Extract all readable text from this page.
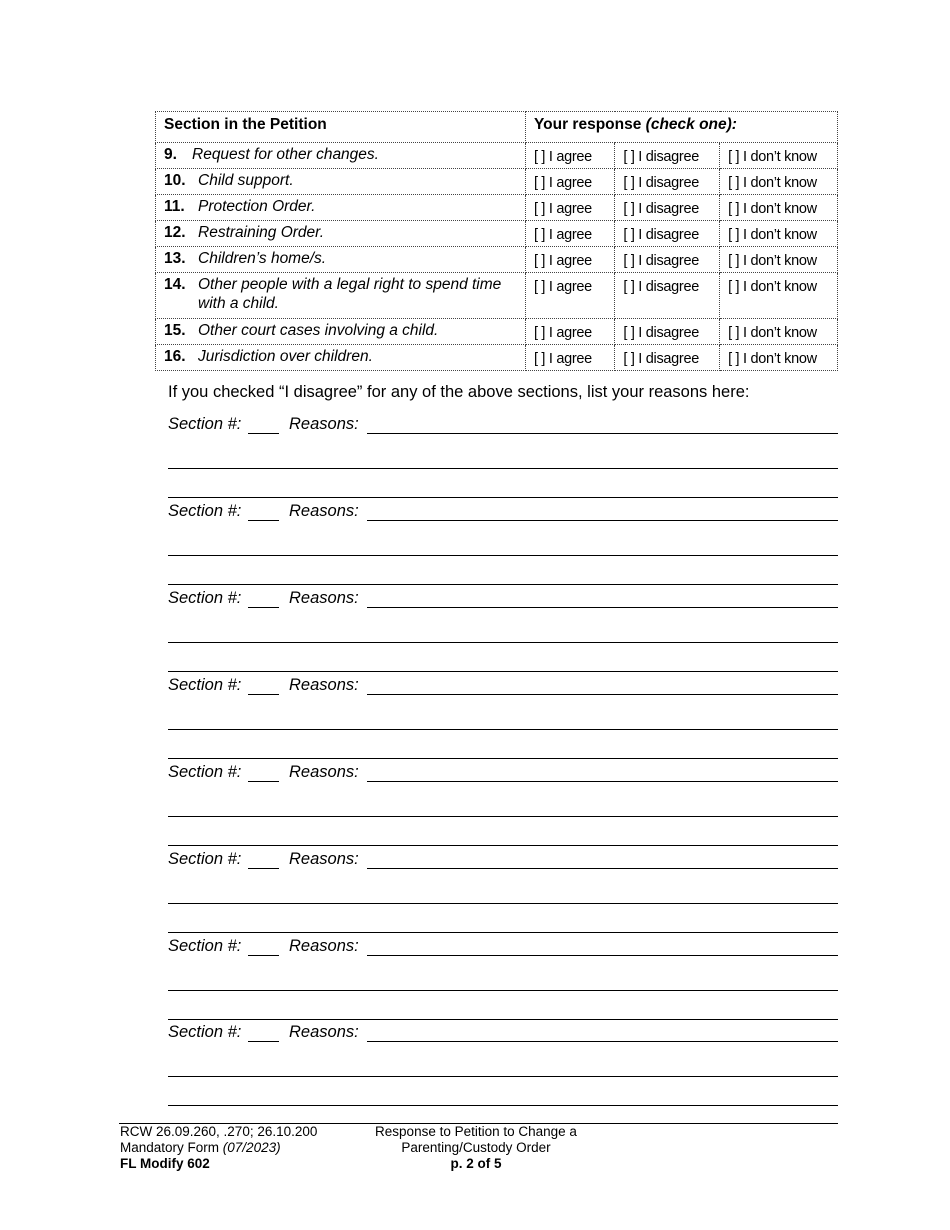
Section in the Petition	Your response (check one):		

9. Request for other changes.	[ ] I agree	[ ] I disagree	[ ] I don’t know

10. Child support.	[ ] I agree	[ ] I disagree	[ ] I don’t know

11. Protection Order.	[ ] I agree	[ ] I disagree	[ ] I don’t know

12. Restraining Order.	[ ] I agree	[ ] I disagree	[ ] I don’t know

13. Children’s home/s.	[ ] I agree	[ ] I disagree	[ ] I don’t know

14. Other people with a legal right to spend time with a child.	[ ] I agree	[ ] I disagree	[ ] I don’t know

15. Other court cases involving a child.	[ ] I agree	[ ] I disagree	[ ] I don’t know

16. Jurisdiction over children.	[ ] I agree	[ ] I disagree	[ ] I don’t know
If you checked “I disagree” for any of the above sections, list your reasons here:
Section #:	Reasons:
Section #:	Reasons:
Section #:	Reasons:
Section #:	Reasons:
Section #:	Reasons:
Section #:	Reasons:
Section #:	Reasons:
Section #:	Reasons:
RCW 26.09.260, .270; 26.10.200
Mandatory Form (07/2023)
FL Modify 602
Response to Petition to Change a
Parenting/Custody Order
p. 2 of 5
